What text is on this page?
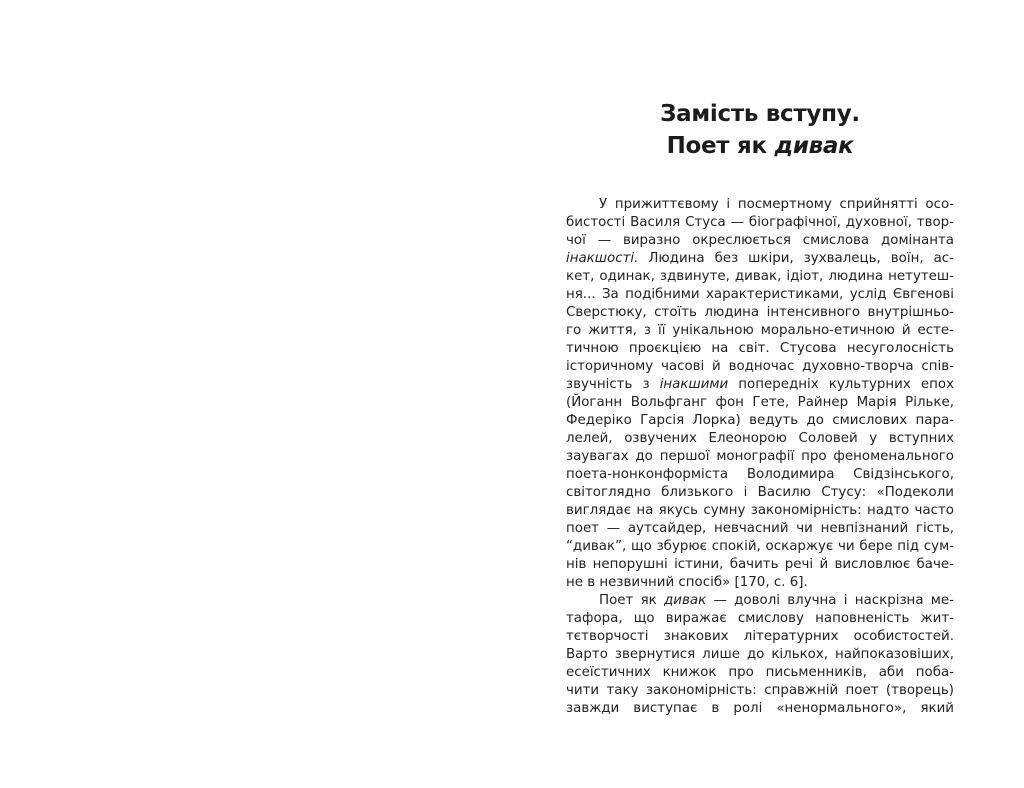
Замість вступу.
Поет як дивак
У прижиттєвому і посмертному сприйнятті осо-
бистості Василя Стуса — біографічної, духовної, твор-
чої — виразно окреслюється смислова домінанта
інакшості. Людина без шкіри, зухвалець, воїн, ас-
кет, одинак, здвинуте, дивак, ідіот, людина нетутеш-
ня... За подібними характеристиками, услід Євгенові
Сверстюку, стоїть людина інтенсивного внутрішньо-
го життя, з її унікальною морально-етичною й есте-
тичною проєкцією на світ. Стусова несуголосність
історичному часові й водночас духовно-творча спів-
звучність з інакшими попередніх культурних епох
(Йоганн Вольфганг фон Гете, Райнер Марія Рільке,
Федеріко Гарсія Лорка) ведуть до смислових пара-
лелей, озвучених Елеонорою Соловей у вступних
заувагах до першої монографії про феноменального
поета-нонконформіста Володимира Свідзінського,
світоглядно близького і Василю Стусу: «Подеколи
виглядає на якусь сумну закономірність: надто часто
поет — аутсайдер, невчасний чи невпізнаний гість,
“дивак”, що збурює спокій, оскаржує чи бере під сум-
нів непорушні істини, бачить речі й висловлює баче-
не в незвичний спосіб» [170, с. 6].
Поет як дивак — доволі влучна і наскрізна ме-
тафора, що виражає смислову наповненість жит-
тєтворчості знакових літературних особистостей.
Варто звернутися лише до кількох, найпоказовіших,
есеїстичних книжок про письменників, аби поба-
чити таку закономірність: справжній поет (творець)
завжди виступає в ролі «ненормального», який
